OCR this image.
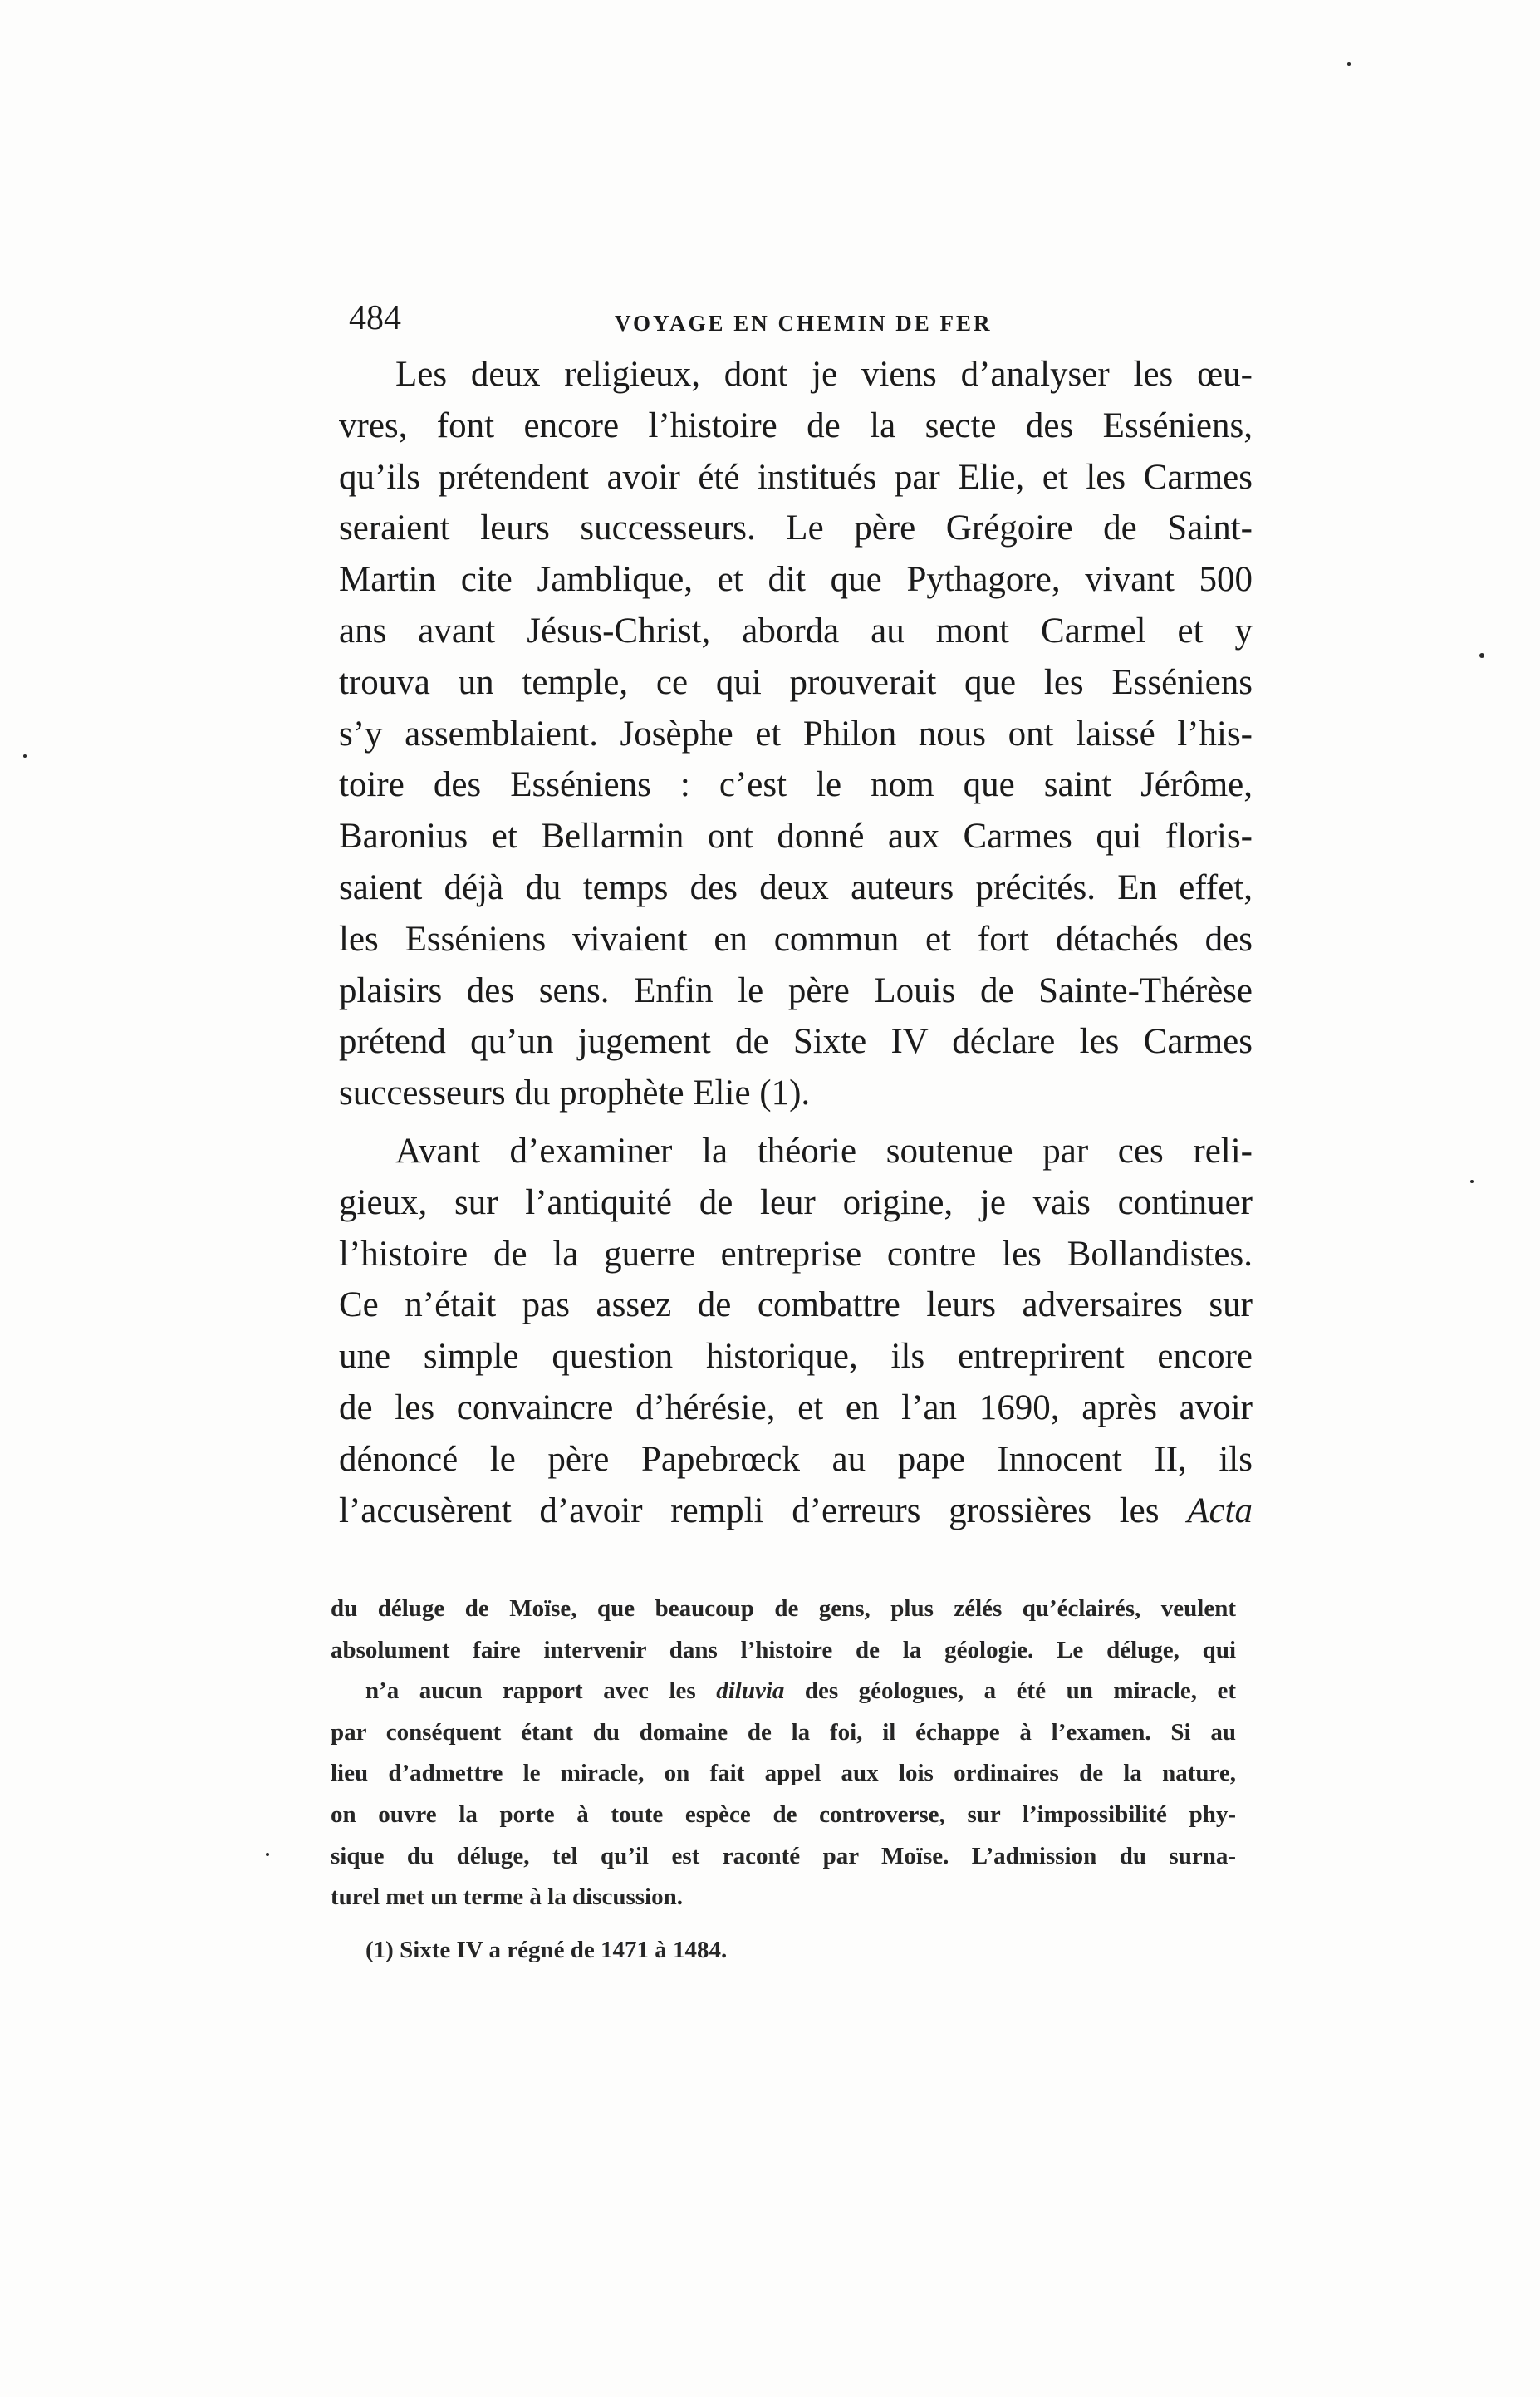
484	VOYAGE EN CHEMIN DE FER
Les deux religieux, dont je viens d’analyser les œu-
vres, font encore l’histoire de la secte des Esséniens,
qu’ils prétendent avoir été institués par Elie, et les Carmes
seraient leurs successeurs. Le père Grégoire de Saint-
Martin cite Jamblique, et dit que Pythagore, vivant 500
ans avant Jésus-Christ, aborda au mont Carmel et y
trouva un temple, ce qui prouverait que les Esséniens
s’y assemblaient. Josèphe et Philon nous ont laissé l’his-
toire des Esséniens : c’est le nom que saint Jérôme,
Baronius et Bellarmin ont donné aux Carmes qui floris-
saient déjà du temps des deux auteurs précités. En effet,
les Esséniens vivaient en commun et fort détachés des
plaisirs des sens. Enfin le père Louis de Sainte-Thérèse
prétend qu’un jugement de Sixte IV déclare les Carmes
successeurs du prophète Elie (1).
Avant d’examiner la théorie soutenue par ces reli-
gieux, sur l’antiquité de leur origine, je vais continuer
l’histoire de la guerre entreprise contre les Bollandistes.
Ce n’était pas assez de combattre leurs adversaires sur
une simple question historique, ils entreprirent encore
de les convaincre d’hérésie, et en l’an 1690, après avoir
dénoncé le père Papebrœck au pape Innocent II, ils
l’accusèrent d’avoir rempli d’erreurs grossières les Acta
du déluge de Moïse, que beaucoup de gens, plus zélés qu’éclairés, veulent
absolument faire intervenir dans l’histoire de la géologie. Le déluge, qui
n’a aucun rapport avec les diluvia des géologues, a été un miracle, et
par conséquent étant du domaine de la foi, il échappe à l’examen. Si au
lieu d’admettre le miracle, on fait appel aux lois ordinaires de la nature,
on ouvre la porte à toute espèce de controverse, sur l’impossibilité phy-
sique du déluge, tel qu’il est raconté par Moïse. L’admission du surna-
turel met un terme à la discussion.
(1) Sixte IV a régné de 1471 à 1484.
